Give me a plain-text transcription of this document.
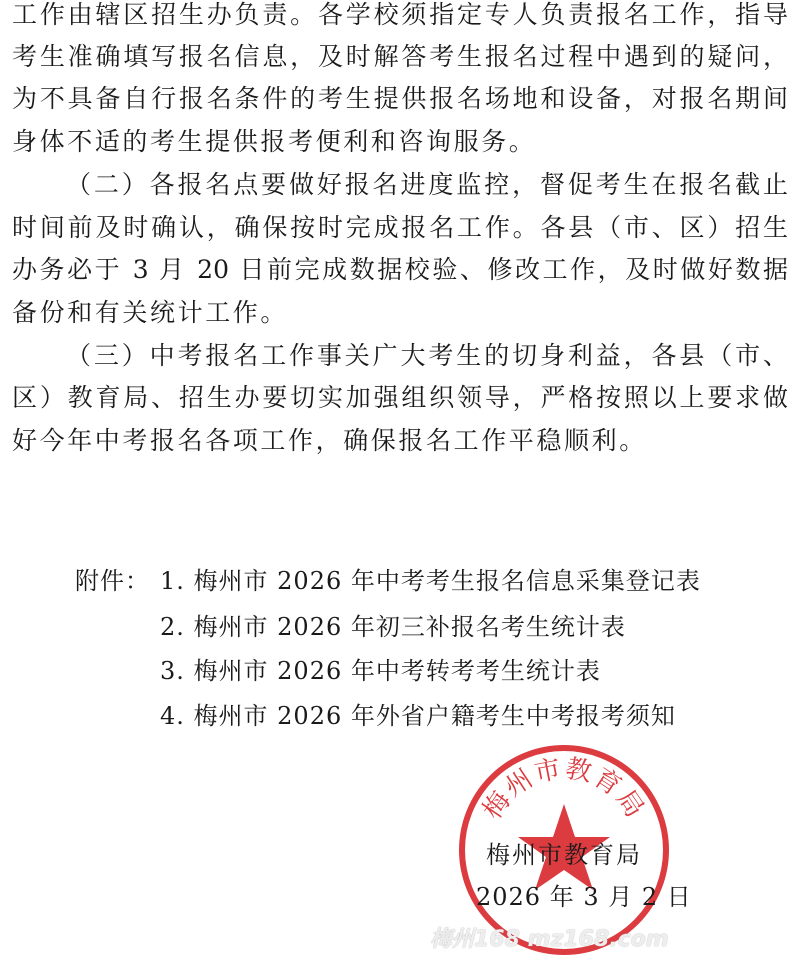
工作由辖区招生办负责。各学校须指定专人负责报名工作，指导
考生准确填写报名信息，及时解答考生报名过程中遇到的疑问，
为不具备自行报名条件的考生提供报名场地和设备，对报名期间
身体不适的考生提供报考便利和咨询服务。
（二）各报名点要做好报名进度监控，督促考生在报名截止
时间前及时确认，确保按时完成报名工作。各县（市、区）招生
办务必于 3 月 20 日前完成数据校验、修改工作，及时做好数据
备份和有关统计工作。
（三）中考报名工作事关广大考生的切身利益，各县（市、
区）教育局、招生办要切实加强组织领导，严格按照以上要求做
好今年中考报名各项工作，确保报名工作平稳顺利。
附件： 1. 梅州市 2026 年中考考生报名信息采集登记表
2. 梅州市 2026 年初三补报名考生统计表
3. 梅州市 2026 年中考转考考生统计表
4. 梅州市 2026 年外省户籍考生中考报考须知
梅州市教育局
梅州168 mz168.com
梅州市教育局
2026 年 3 月 2 日
